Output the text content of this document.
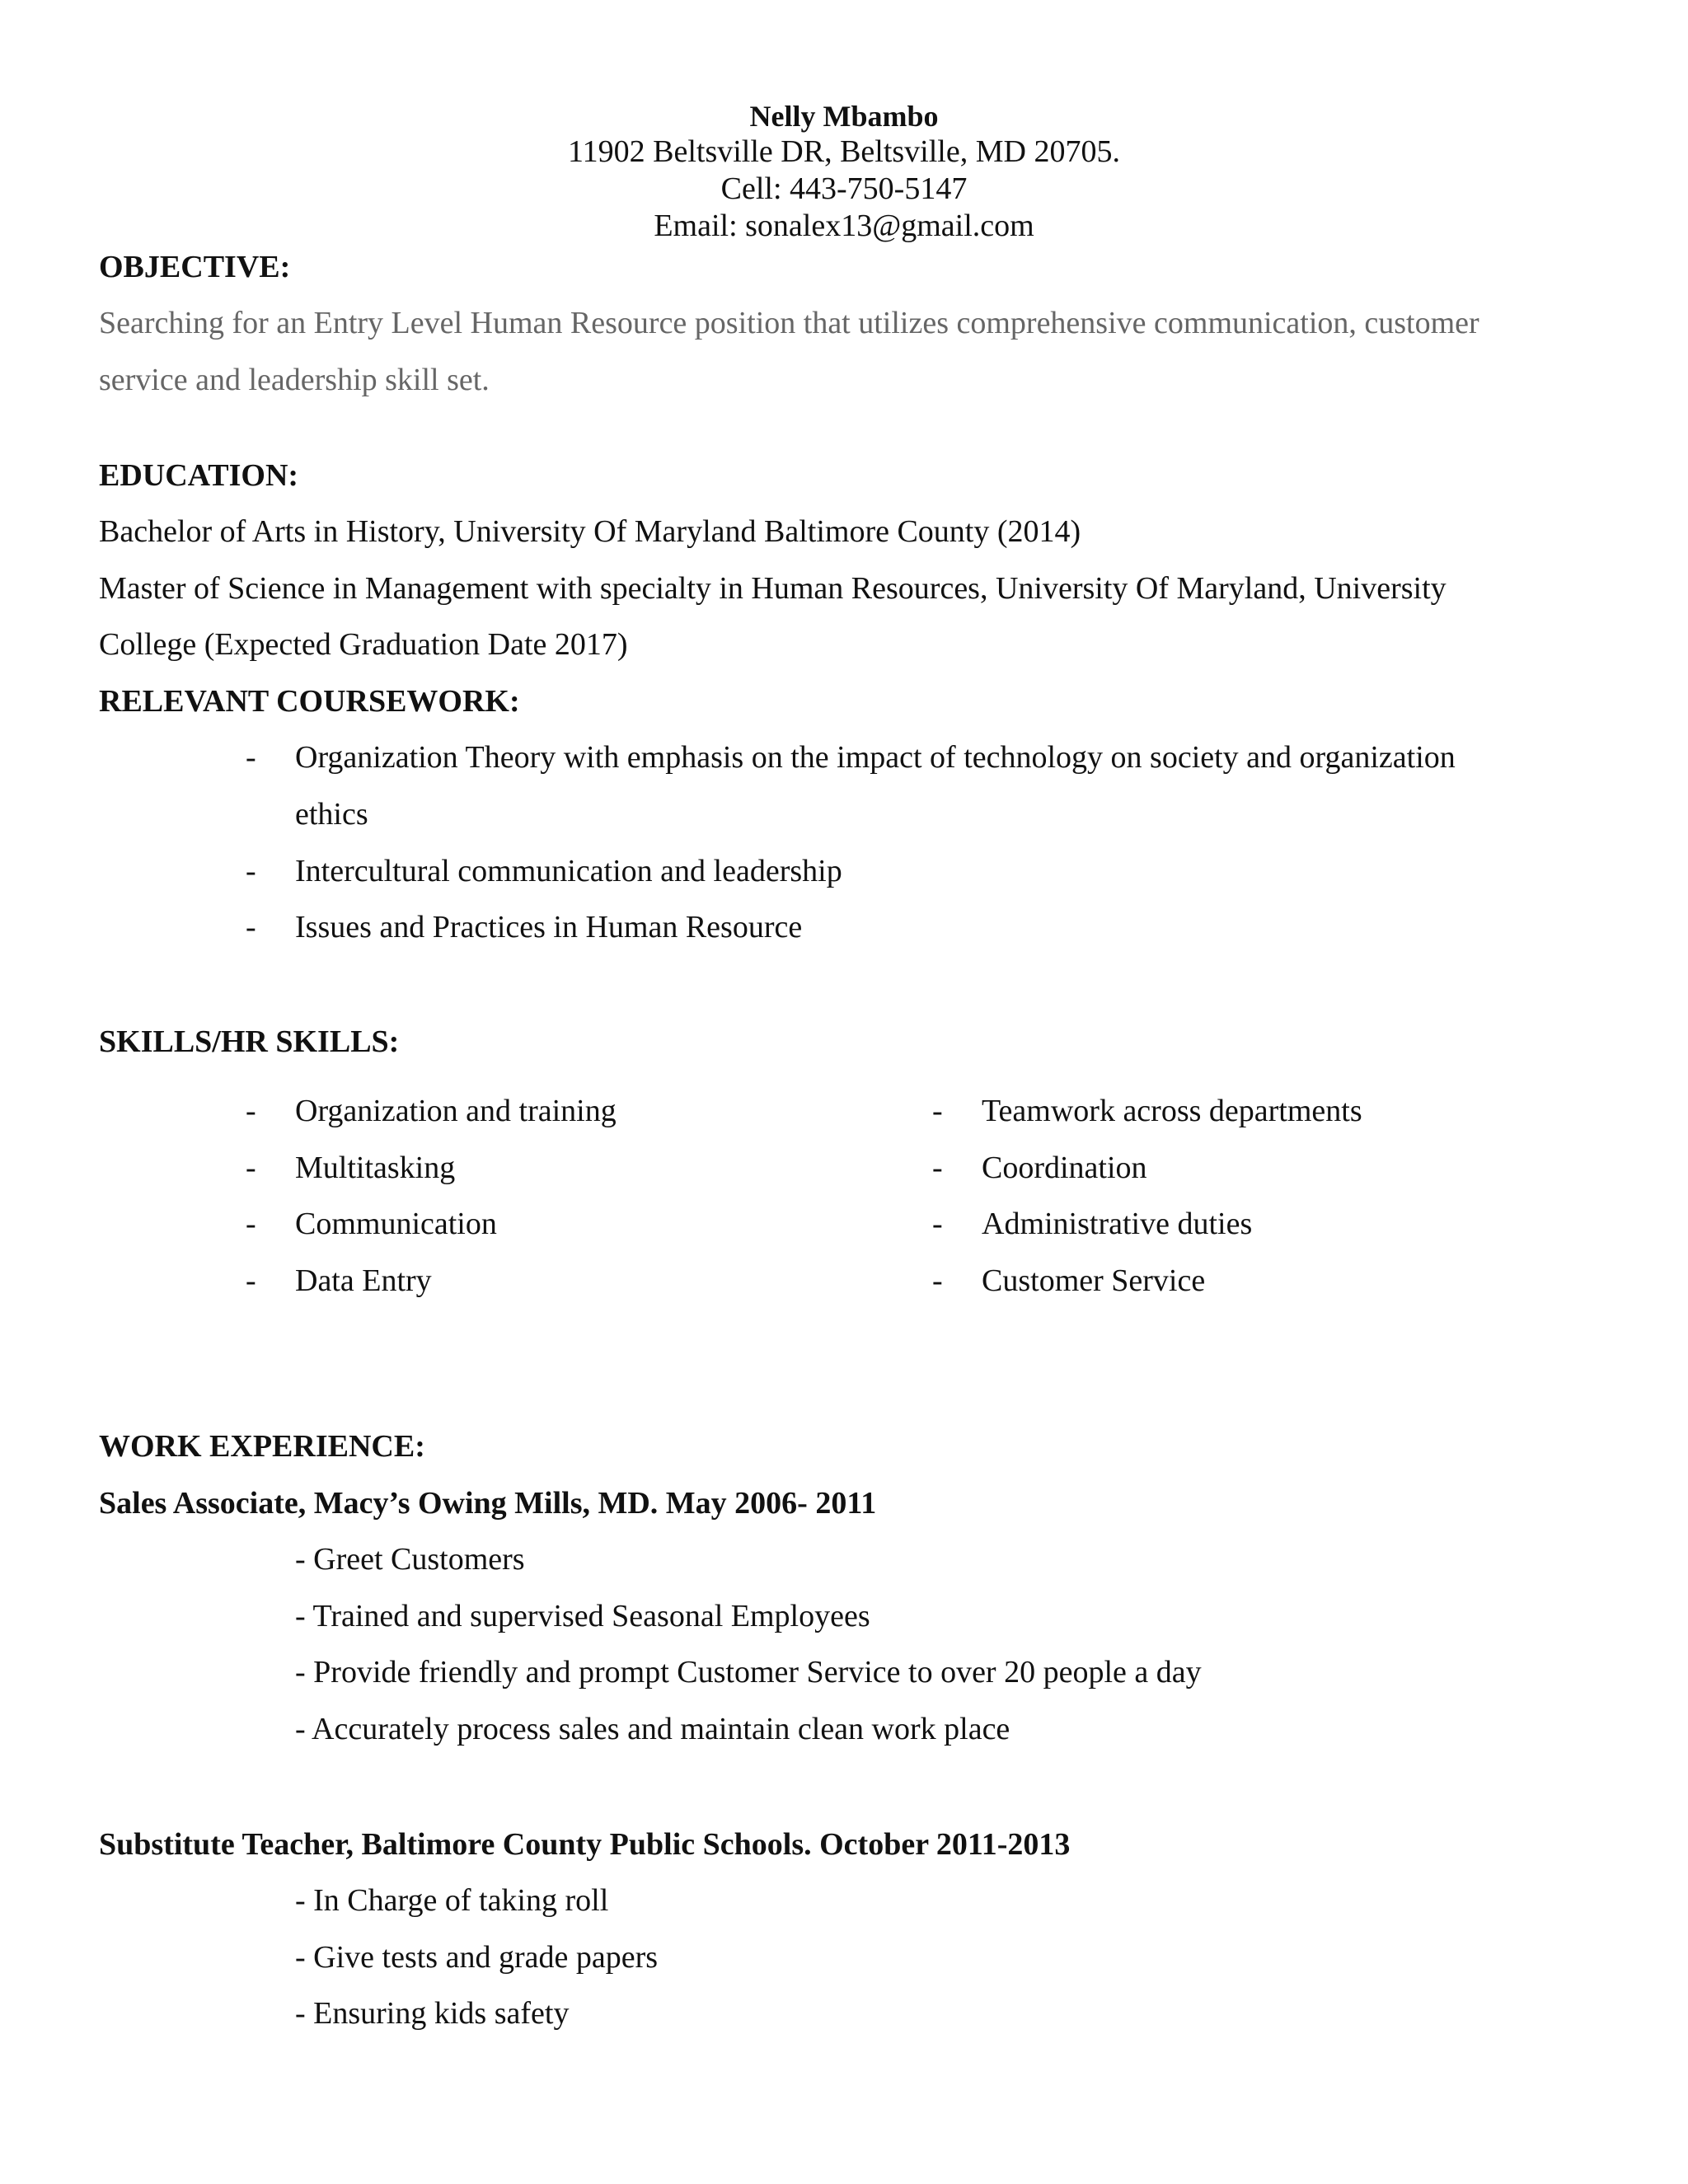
Nelly Mbambo
11902 Beltsville DR, Beltsville, MD 20705.
Cell: 443-750-5147
Email: sonalex13@gmail.com
OBJECTIVE:
Searching for an Entry Level Human Resource position that utilizes comprehensive communication, customer
service and leadership skill set.
EDUCATION:
Bachelor of Arts in History, University Of Maryland Baltimore County (2014)
Master of Science in Management with specialty in Human Resources, University Of Maryland, University
College (Expected Graduation Date 2017)
RELEVANT COURSEWORK:
- Organization Theory with emphasis on the impact of technology on society and organization
ethics
- Intercultural communication and leadership
- Issues and Practices in Human Resource
SKILLS/HR SKILLS:
- Organization and training	- Teamwork across departments
- Multitasking	- Coordination
- Communication	- Administrative duties
- Data Entry	- Customer Service
WORK EXPERIENCE:
Sales Associate, Macy’s Owing Mills, MD. May 2006- 2011
- Greet Customers
- Trained and supervised Seasonal Employees
- Provide friendly and prompt Customer Service to over 20 people a day
- Accurately process sales and maintain clean work place
Substitute Teacher, Baltimore County Public Schools. October 2011-2013
- In Charge of taking roll
- Give tests and grade papers
- Ensuring kids safety
